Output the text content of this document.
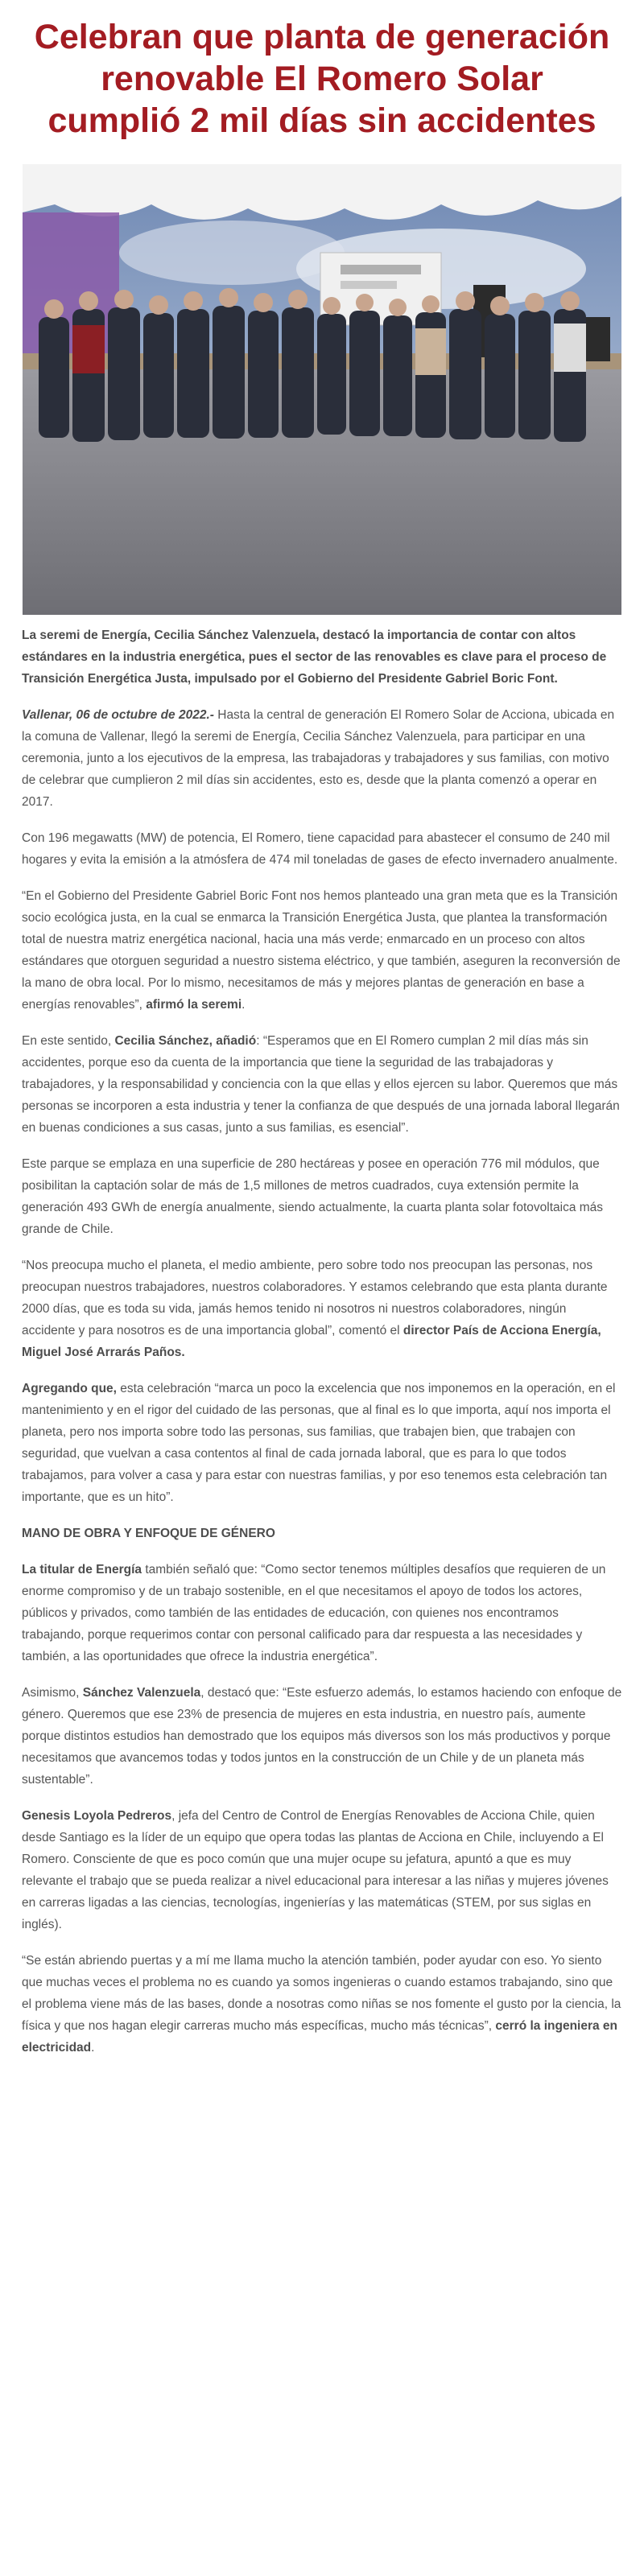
Celebran que planta de generación renovable El Romero Solar cumplió 2 mil días sin accidentes

La seremi de Energía, Cecilia Sánchez Valenzuela, destacó la importancia de contar con altos estándares en la industria energética, pues el sector de las renovables es clave para el proceso de Transición Energética Justa, impulsado por el Gobierno del Presidente Gabriel Boric Font.

Vallenar, 06 de octubre de 2022.- Hasta la central de generación El Romero Solar de Acciona, ubicada en la comuna de Vallenar, llegó la seremi de Energía, Cecilia Sánchez Valenzuela, para participar en una ceremonia, junto a los ejecutivos de la empresa, las trabajadoras y trabajadores y sus familias, con motivo de celebrar que cumplieron 2 mil días sin accidentes, esto es, desde que la planta comenzó a operar en 2017.

Con 196 megawatts (MW) de potencia, El Romero, tiene capacidad para abastecer el consumo de 240 mil hogares y evita la emisión a la atmósfera de 474 mil toneladas de gases de efecto invernadero anualmente.

“En el Gobierno del Presidente Gabriel Boric Font nos hemos planteado una gran meta que es la Transición socio ecológica justa, en la cual se enmarca la Transición Energética Justa, que plantea la transformación total de nuestra matriz energética nacional, hacia una más verde; enmarcado en un proceso con altos estándares que otorguen seguridad a nuestro sistema eléctrico, y que también, aseguren la reconversión de la mano de obra local. Por lo mismo, necesitamos de más y mejores plantas de generación en base a energías renovables”, afirmó la seremi.

En este sentido, Cecilia Sánchez, añadió: “Esperamos que en El Romero cumplan 2 mil días más sin accidentes, porque eso da cuenta de la importancia que tiene la seguridad de las trabajadoras y trabajadores, y la responsabilidad y conciencia con la que ellas y ellos ejercen su labor. Queremos que más personas se incorporen a esta industria y tener la confianza de que después de una jornada laboral llegarán en buenas condiciones a sus casas, junto a sus familias, es esencial”.

Este parque se emplaza en una superficie de 280 hectáreas y posee en operación 776 mil módulos, que posibilitan la captación solar de más de 1,5 millones de metros cuadrados, cuya extensión permite la generación 493 GWh de energía anualmente, siendo actualmente, la cuarta planta solar fotovoltaica más grande de Chile.

“Nos preocupa mucho el planeta, el medio ambiente, pero sobre todo nos preocupan las personas, nos preocupan nuestros trabajadores, nuestros colaboradores. Y estamos celebrando que esta planta durante 2000 días, que es toda su vida, jamás hemos tenido ni nosotros ni nuestros colaboradores, ningún accidente y para nosotros es de una importancia global”, comentó el director País de Acciona Energía, Miguel José Arrarás Paños.

Agregando que, esta celebración “marca un poco la excelencia que nos imponemos en la operación, en el mantenimiento y en el rigor del cuidado de las personas, que al final es lo que importa, aquí nos importa el planeta, pero nos importa sobre todo las personas, sus familias, que trabajen bien, que trabajen con seguridad, que vuelvan a casa contentos al final de cada jornada laboral, que es para lo que todos trabajamos, para volver a casa y para estar con nuestras familias, y por eso tenemos esta celebración tan importante, que es un hito”.

MANO DE OBRA Y ENFOQUE DE GÉNERO

La titular de Energía también señaló que: “Como sector tenemos múltiples desafíos que requieren de un enorme compromiso y de un trabajo sostenible, en el que necesitamos el apoyo de todos los actores, públicos y privados, como también de las entidades de educación, con quienes nos encontramos trabajando, porque requerimos contar con personal calificado para dar respuesta a las necesidades y también, a las oportunidades que ofrece la industria energética”.

Asimismo, Sánchez Valenzuela, destacó que: “Este esfuerzo además, lo estamos haciendo con enfoque de género. Queremos que ese 23% de presencia de mujeres en esta industria, en nuestro país, aumente porque distintos estudios han demostrado que los equipos más diversos son los más productivos y porque necesitamos que avancemos todas y todos juntos en la construcción de un Chile y de un planeta más sustentable”.

Genesis Loyola Pedreros, jefa del Centro de Control de Energías Renovables de Acciona Chile, quien desde Santiago es la líder de un equipo que opera todas las plantas de Acciona en Chile, incluyendo a El Romero. Consciente de que es poco común que una mujer ocupe su jefatura, apuntó a que es muy relevante el trabajo que se pueda realizar a nivel educacional para interesar a las niñas y mujeres jóvenes en carreras ligadas a las ciencias, tecnologías, ingenierías y las matemáticas (STEM, por sus siglas en inglés).

“Se están abriendo puertas y a mí me llama mucho la atención también, poder ayudar con eso. Yo siento que muchas veces el problema no es cuando ya somos ingenieras o cuando estamos trabajando, sino que el problema viene más de las bases, donde a nosotras como niñas se nos fomente el gusto por la ciencia, la física y que nos hagan elegir carreras mucho más específicas, mucho más técnicas”, cerró la ingeniera en electricidad.
